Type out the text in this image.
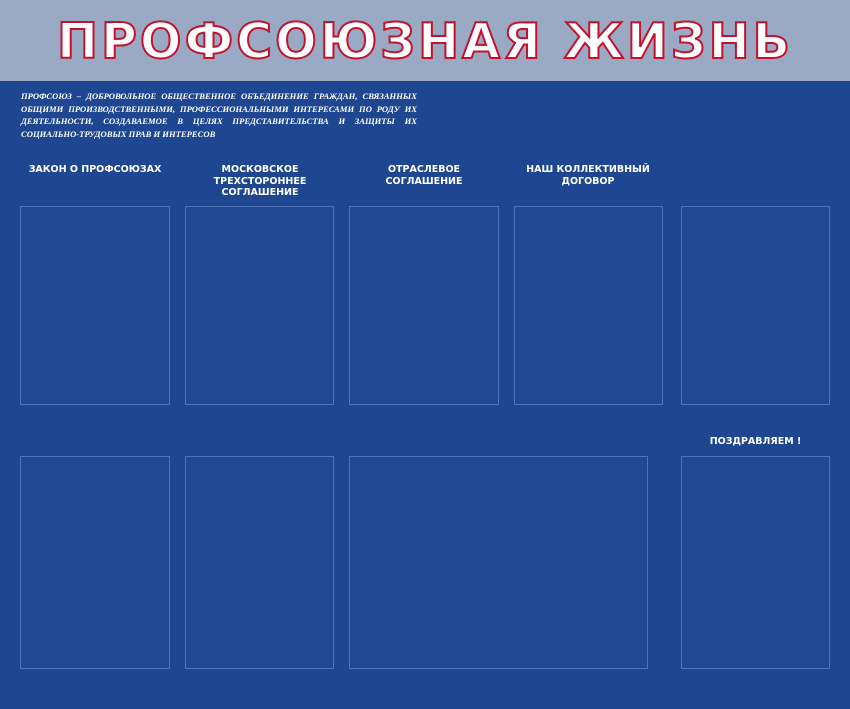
ПРОФСОЮЗНАЯ ЖИЗНЬ

ПРОФСОЮЗ – ДОБРОВОЛЬНОЕ ОБЩЕСТВЕННОЕ ОБЪЕДИНЕНИЕ ГРАЖДАН, СВЯЗАННЫХ ОБЩИМИ ПРОИЗВОДСТВЕННЫМИ, ПРОФЕССИОНАЛЬНЫМИ ИНТЕРЕСАМИ ПО РОДУ ИХ ДЕЯТЕЛЬНОСТИ, СОЗДАВАЕМОЕ В ЦЕЛЯХ ПРЕДСТАВИТЕЛЬСТВА И ЗАЩИТЫ ИХ СОЦИАЛЬНО-ТРУДОВЫХ ПРАВ И ИНТЕРЕСОВ

ЗАКОН О ПРОФСОЮЗАХ	МОСКОВСКОЕ
ТРЕХСТОРОННЕЕ
СОГЛАШЕНИЕ
ОТРАСЛЕВОЕ
СОГЛАШЕНИЕ
НАШ КОЛЛЕКТИВНЫЙ
ДОГОВОР
ПОЗДРАВЛЯЕМ !
